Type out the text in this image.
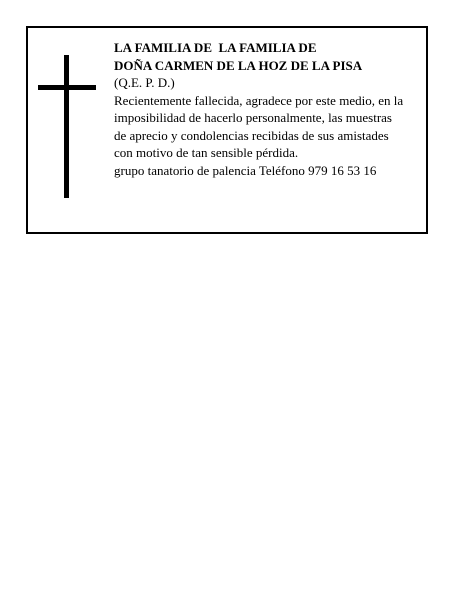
LA FAMILIA DE  LA FAMILIA DE
DOÑA CARMEN DE LA HOZ DE LA PISA
(Q.E. P. D.)
Recientemente fallecida, agradece por este medio, en la
imposibilidad de hacerlo personalmente, las muestras
de aprecio y condolencias recibidas de sus amistades
con motivo de tan sensible pérdida.
grupo tanatorio de palencia Teléfono 979 16 53 16
